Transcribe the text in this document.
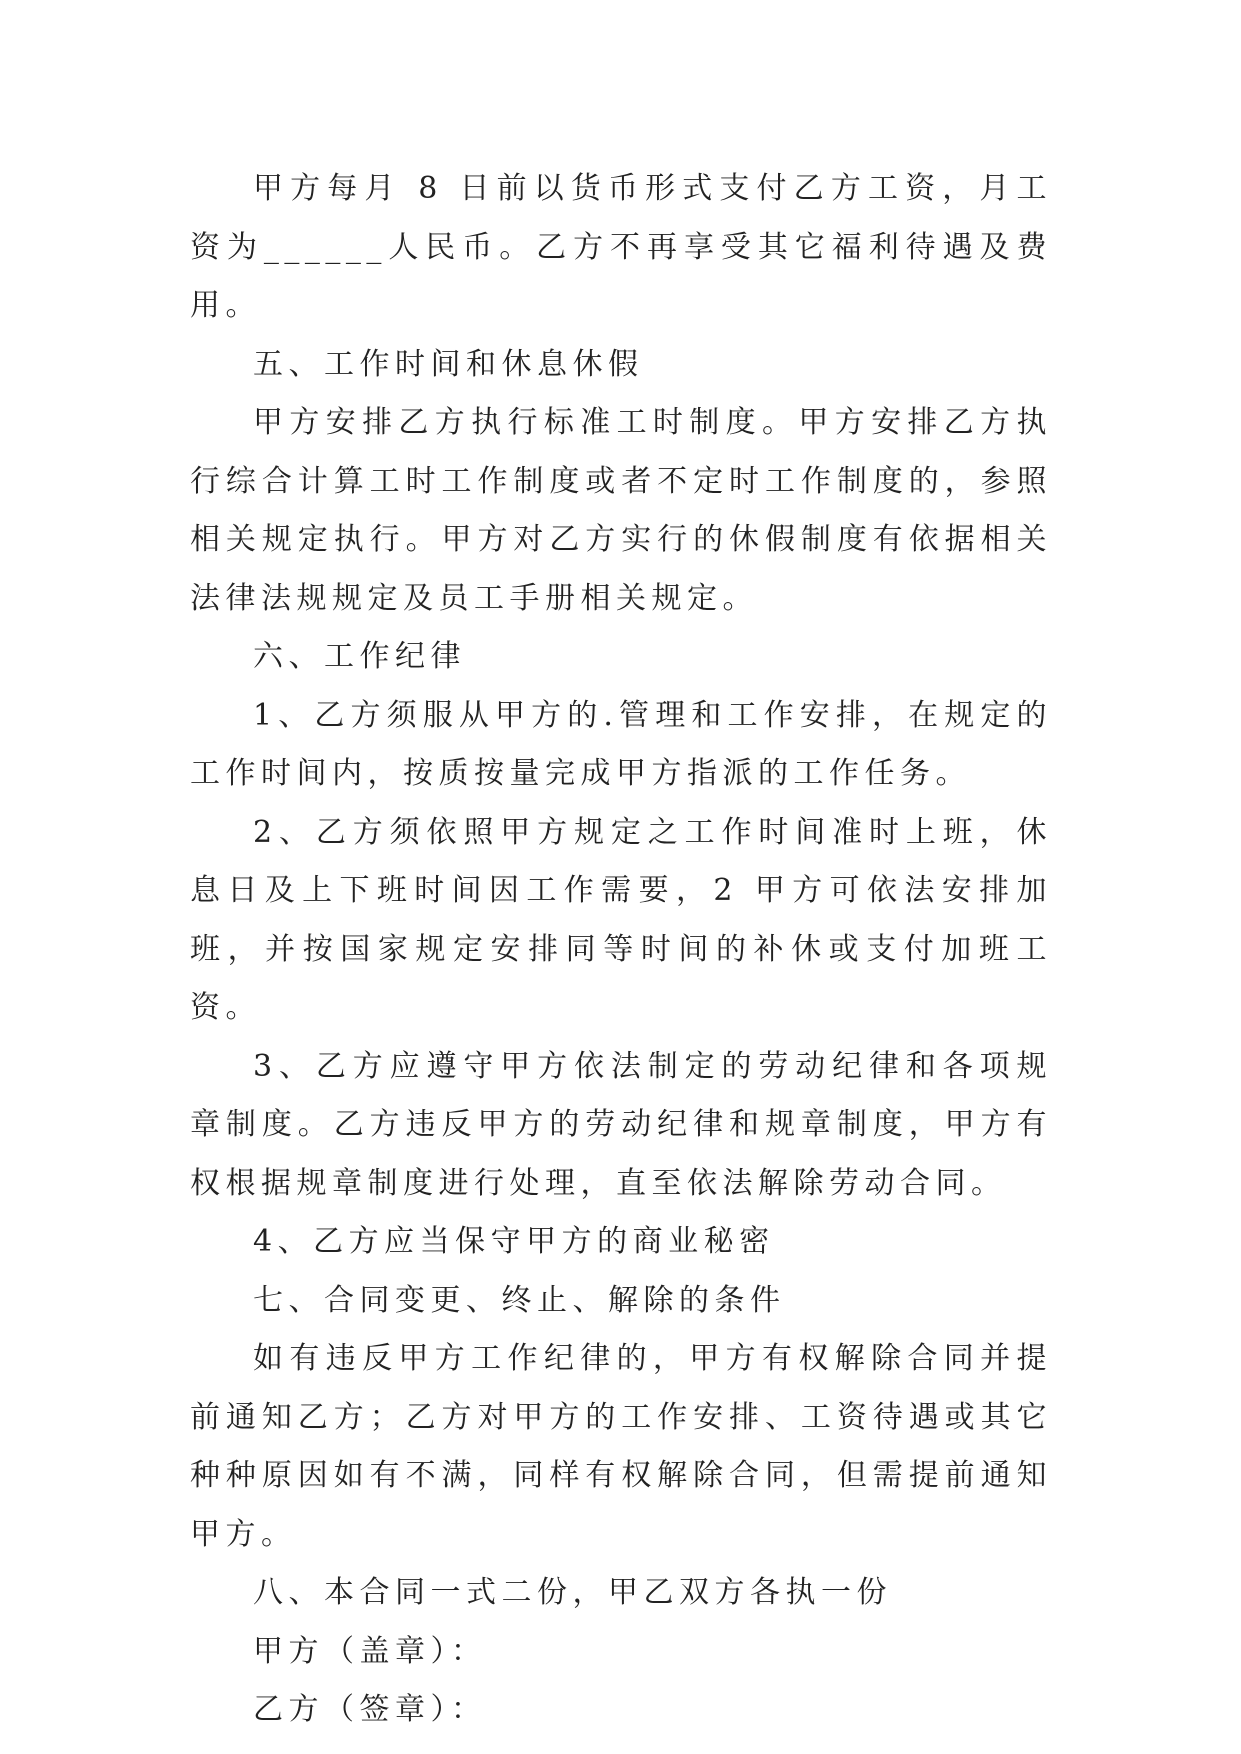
甲方每月 8 日前以货币形式支付乙方工资，月工资为______人民币。乙方不再享受其它福利待遇及费用。

五、工作时间和休息休假

甲方安排乙方执行标准工时制度。甲方安排乙方执行综合计算工时工作制度或者不定时工作制度的，参照相关规定执行。甲方对乙方实行的休假制度有依据相关法律法规规定及员工手册相关规定。

六、工作纪律

1、乙方须服从甲方的.管理和工作安排，在规定的工作时间内，按质按量完成甲方指派的工作任务。

2、乙方须依照甲方规定之工作时间准时上班，休息日及上下班时间因工作需要，2 甲方可依法安排加班，并按国家规定安排同等时间的补休或支付加班工资。

3、乙方应遵守甲方依法制定的劳动纪律和各项规章制度。乙方违反甲方的劳动纪律和规章制度，甲方有权根据规章制度进行处理，直至依法解除劳动合同。

4、乙方应当保守甲方的商业秘密

七、合同变更、终止、解除的条件

如有违反甲方工作纪律的，甲方有权解除合同并提前通知乙方；乙方对甲方的工作安排、工资待遇或其它种种原因如有不满，同样有权解除合同，但需提前通知甲方。

八、本合同一式二份，甲乙双方各执一份

甲方（盖章）：

乙方（签章）：
